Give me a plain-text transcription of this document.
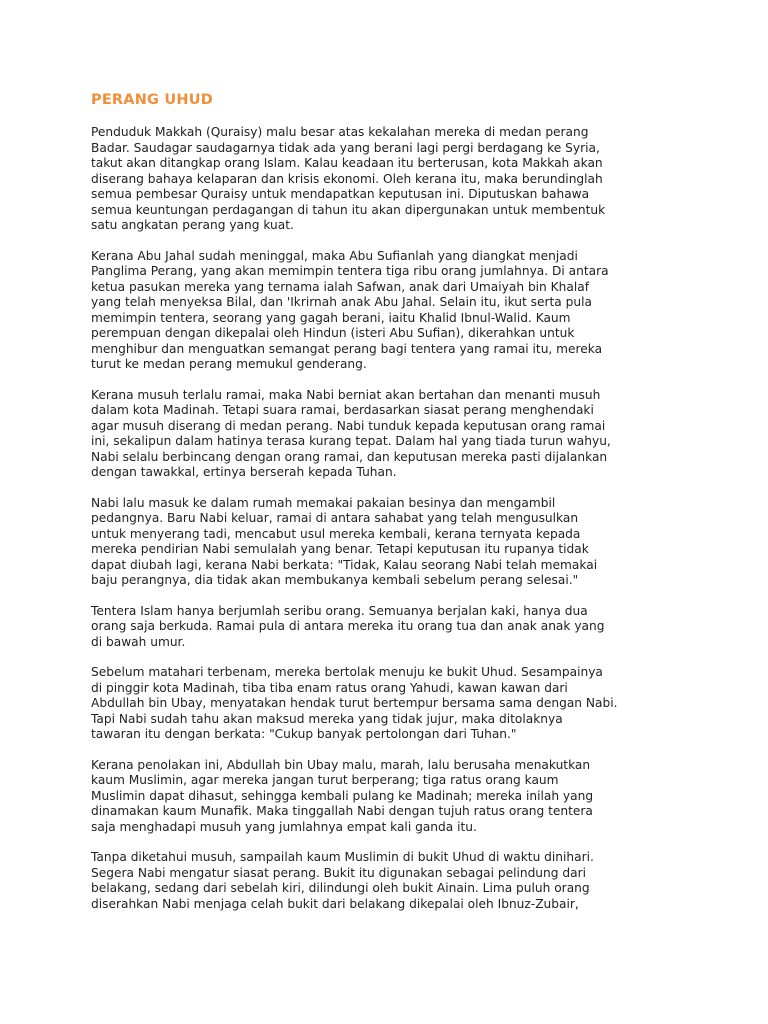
PERANG UHUD

Penduduk Makkah (Quraisy) malu besar atas kekalahan mereka di medan perang
Badar. Saudagar saudagarnya tidak ada yang berani lagi pergi berdagang ke Syria,
takut akan ditangkap orang Islam. Kalau keadaan itu berterusan, kota Makkah akan
diserang bahaya kelaparan dan krisis ekonomi. Oleh kerana itu, maka berundinglah
semua pembesar Quraisy untuk mendapatkan keputusan ini. Diputuskan bahawa
semua keuntungan perdagangan di tahun itu akan dipergunakan untuk membentuk
satu angkatan perang yang kuat.

Kerana Abu Jahal sudah meninggal, maka Abu Sufianlah yang diangkat menjadi
Panglima Perang, yang akan memimpin tentera tiga ribu orang jumlahnya. Di antara
ketua pasukan mereka yang ternama ialah Safwan, anak dari Umaiyah bin Khalaf
yang telah menyeksa Bilal, dan 'Ikrirnah anak Abu Jahal. Selain itu, ikut serta pula
memimpin tentera, seorang yang gagah berani, iaitu Khalid Ibnul-Walid. Kaum
perempuan dengan dikepalai oleh Hindun (isteri Abu Sufian), dikerahkan untuk
menghibur dan menguatkan semangat perang bagi tentera yang ramai itu, mereka
turut ke medan perang memukul genderang.

Kerana musuh terlalu ramai, maka Nabi berniat akan bertahan dan menanti musuh
dalam kota Madinah. Tetapi suara ramai, berdasarkan siasat perang menghendaki
agar musuh diserang di medan perang. Nabi tunduk kepada keputusan orang ramai
ini, sekalipun dalam hatinya terasa kurang tepat. Dalam hal yang tiada turun wahyu,
Nabi selalu berbincang dengan orang ramai, dan keputusan mereka pasti dijalankan
dengan tawakkal, ertinya berserah kepada Tuhan.

Nabi lalu masuk ke dalam rumah memakai pakaian besinya dan mengambil
pedangnya. Baru Nabi keluar, ramai di antara sahabat yang telah mengusulkan
untuk menyerang tadi, mencabut usul mereka kembali, kerana ternyata kepada
mereka pendirian Nabi semulalah yang benar. Tetapi keputusan itu rupanya tidak
dapat diubah lagi, kerana Nabi berkata: "Tidak, Kalau seorang Nabi telah memakai
baju perangnya, dia tidak akan membukanya kembali sebelum perang selesai."

Tentera Islam hanya berjumlah seribu orang. Semuanya berjalan kaki, hanya dua
orang saja berkuda. Ramai pula di antara mereka itu orang tua dan anak anak yang
di bawah umur.

Sebelum matahari terbenam, mereka bertolak menuju ke bukit Uhud. Sesampainya
di pinggir kota Madinah, tiba tiba enam ratus orang Yahudi, kawan kawan dari
Abdullah bin Ubay, menyatakan hendak turut bertempur bersama sama dengan Nabi.
Tapi Nabi sudah tahu akan maksud mereka yang tidak jujur, maka ditolaknya
tawaran itu dengan berkata: "Cukup banyak pertolongan dari Tuhan."

Kerana penolakan ini, Abdullah bin Ubay malu, marah, lalu berusaha menakutkan
kaum Muslimin, agar mereka jangan turut berperang; tiga ratus orang kaum
Muslimin dapat dihasut, sehingga kembali pulang ke Madinah; mereka inilah yang
dinamakan kaum Munafik. Maka tinggallah Nabi dengan tujuh ratus orang tentera
saja menghadapi musuh yang jumlahnya empat kali ganda itu.

Tanpa diketahui musuh, sampailah kaum Muslimin di bukit Uhud di waktu dinihari.
Segera Nabi mengatur siasat perang. Bukit itu digunakan sebagai pelindung dari
belakang, sedang dari sebelah kiri, dilindungi oleh bukit Ainain. Lima puluh orang
diserahkan Nabi menjaga celah bukit dari belakang dikepalai oleh Ibnuz-Zubair,
